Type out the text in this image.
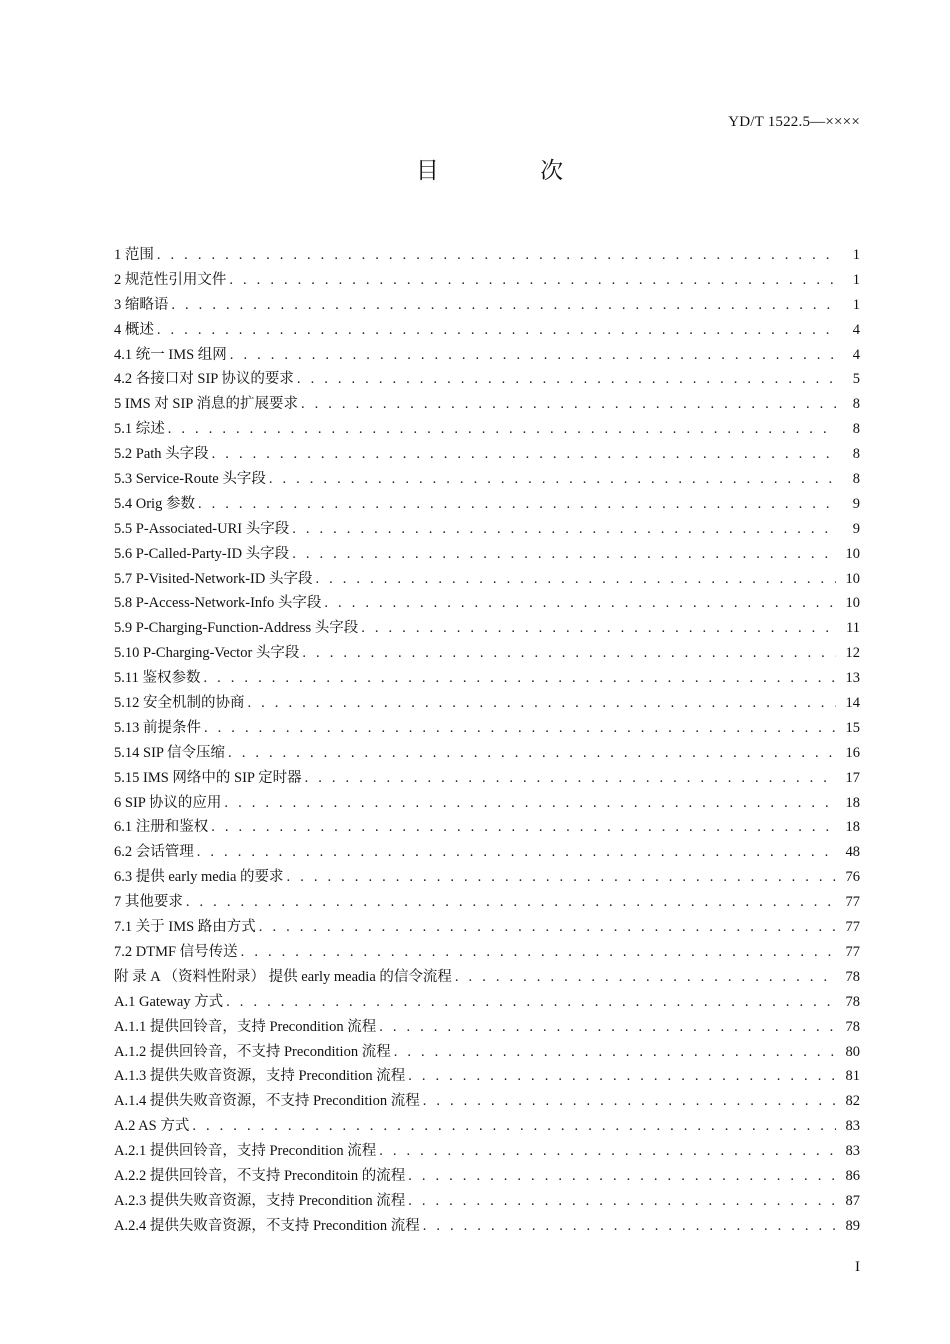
YD/T 1522.5—××××
目 次
1 范围 . . .	1
2 规范性引用文件 . . .	1
3 缩略语 . . .	1
4 概述 . . .	4
4.1 统一 IMS 组网 . . .	4
4.2 各接口对 SIP 协议的要求 . . .	5
5 IMS 对 SIP 消息的扩展要求 . . .	8
5.1 综述 . . .	8
5.2 Path 头字段 . . .	8
5.3 Service-Route 头字段 . . .	8
5.4 Orig 参数 . . .	9
5.5 P-Associated-URI 头字段 . . .	9
5.6 P-Called-Party-ID 头字段 . . .	10
5.7 P-Visited-Network-ID 头字段 . . .	10
5.8 P-Access-Network-Info 头字段 . . .	10
5.9 P-Charging-Function-Address 头字段 . . .	11
5.10 P-Charging-Vector 头字段 . . .	12
5.11 鉴权参数 . . .	13
5.12 安全机制的协商 . . .	14
5.13 前提条件 . . .	15
5.14 SIP 信令压缩 . . .	16
5.15 IMS 网络中的 SIP 定时器 . . .	17
6 SIP 协议的应用 . . .	18
6.1 注册和鉴权 . . .	18
6.2 会话管理 . . .	48
6.3 提供 early media 的要求 . . .	76
7 其他要求 . . .	77
7.1 关于 IMS 路由方式 . . .	77
7.2 DTMF 信号传送 . . .	77
附 录 A （资料性附录） 提供 early meadia 的信令流程 . . .	78
A.1 Gateway 方式 . . .	78
A.1.1 提供回铃音，支持 Precondition 流程 . . .	78
A.1.2 提供回铃音，不支持 Precondition 流程 . . .	80
A.1.3 提供失败音资源，支持 Precondition 流程 . . .	81
A.1.4 提供失败音资源，不支持 Precondition 流程 . . .	82
A.2 AS 方式 . . .	83
A.2.1 提供回铃音，支持 Precondition 流程 . . .	83
A.2.2 提供回铃音，不支持 Preconditoin 的流程 . . .	86
A.2.3 提供失败音资源，支持 Precondition 流程 . . .	87
A.2.4 提供失败音资源，不支持 Precondition 流程 . . .	89
I
